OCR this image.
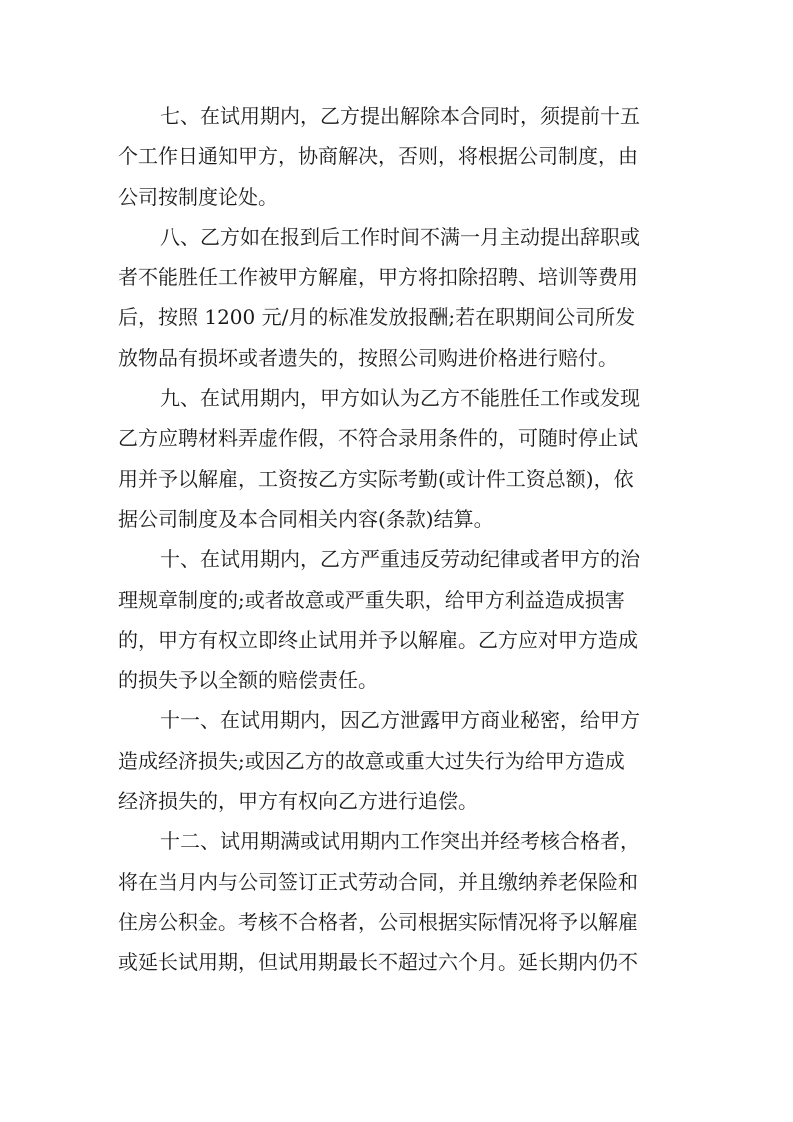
七、在试用期内，乙方提出解除本合同时，须提前十五
个工作日通知甲方，协商解决，否则，将根据公司制度，由
公司按制度论处。
八、乙方如在报到后工作时间不满一月主动提出辞职或
者不能胜任工作被甲方解雇，甲方将扣除招聘、培训等费用
后，按照 1200 元/月的标准发放报酬;若在职期间公司所发
放物品有损坏或者遗失的，按照公司购进价格进行赔付。
九、在试用期内，甲方如认为乙方不能胜任工作或发现
乙方应聘材料弄虚作假，不符合录用条件的，可随时停止试
用并予以解雇，工资按乙方实际考勤(或计件工资总额)，依
据公司制度及本合同相关内容(条款)结算。
十、在试用期内，乙方严重违反劳动纪律或者甲方的治
理规章制度的;或者故意或严重失职，给甲方利益造成损害
的，甲方有权立即终止试用并予以解雇。乙方应对甲方造成
的损失予以全额的赔偿责任。
十一、在试用期内，因乙方泄露甲方商业秘密，给甲方
造成经济损失;或因乙方的故意或重大过失行为给甲方造成
经济损失的，甲方有权向乙方进行追偿。
十二、试用期满或试用期内工作突出并经考核合格者，
将在当月内与公司签订正式劳动合同，并且缴纳养老保险和
住房公积金。考核不合格者，公司根据实际情况将予以解雇
或延长试用期，但试用期最长不超过六个月。延长期内仍不
